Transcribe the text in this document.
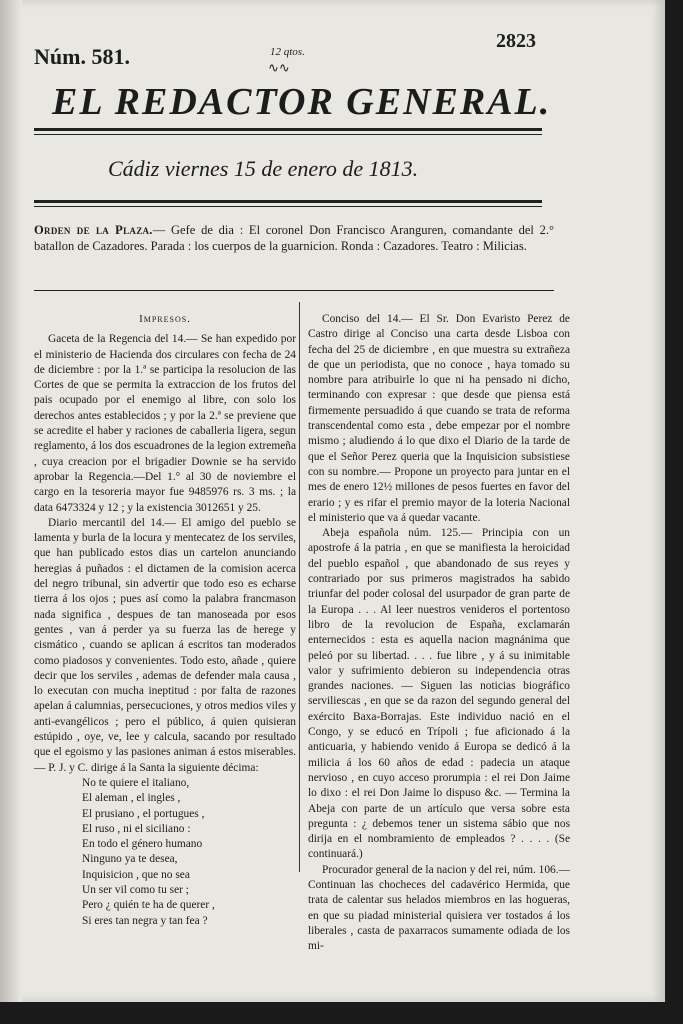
Núm. 581.	12 qtos.
∿∿
2823
EL REDACTOR GENERAL.
Cádiz viernes 15 de enero de 1813.
Orden de la Plaza.— Gefe de dia : El coronel Don Francisco Aranguren, comandante del 2.° batallon de Cazadores. Parada : los cuerpos de la guarnicion. Ronda : Cazadores. Teatro : Milicias.

Impresos.

Gaceta de la Regencia del 14.— Se han expedido por el ministerio de Hacienda dos circulares con fecha de 24 de diciembre : por la 1.ª se participa la resolucion de las Cortes de que se permita la extraccion de los frutos del pais ocupado por el enemigo al libre, con solo los derechos antes establecidos ; y por la 2.ª se previene que se acredite el haber y raciones de caballeria ligera, segun reglamento, á los dos escuadrones de la legion extremeña , cuya creacion por el brigadier Downie se ha servido aprobar la Regencia.—Del 1.° al 30 de noviembre el cargo en la tesoreria mayor fue 9485976 rs. 3 ms. ; la data 6473324 y 12 ; y la existencia 3012651 y 25.

Diario mercantil del 14.— El amigo del pueblo se lamenta y burla de la locura y mentecatez de los serviles, que han publicado estos dias un cartelon anunciando heregias á puñados : el dictamen de la comision acerca del negro tribunal, sin advertir que todo eso es echarse tierra á los ojos ; pues así como la palabra francmason nada significa , despues de tan manoseada por esos gentes , van á perder ya su fuerza las de herege y cismático , cuando se aplican á escritos tan moderados como piadosos y convenientes. Todo esto, añade , quiere decir que los serviles , ademas de defender mala causa , lo executan con mucha ineptitud : por falta de razones apelan á calumnias, persecuciones, y otros medios viles y anti-evangélicos ; pero el público, á quien quisieran estúpido , oye, ve, lee y calcula, sacando por resultado que el egoismo y las pasiones animan á estos miserables.— P. J. y C. dirige á la Santa la siguiente décima:

No te quiere el italiano,
El aleman , el ingles ,
El prusiano , el portugues ,
El ruso , ni el siciliano :
En todo el género humano
Ninguno ya te desea,
Inquisicion , que no sea
Un ser vil como tu ser ;
Pero ¿ quién te ha de querer ,
Si eres tan negra y tan fea ?

Conciso del 14.— El Sr. Don Evaristo Perez de Castro dirige al Conciso una carta desde Lisboa con fecha del 25 de diciembre , en que muestra su extrañeza de que un periodista, que no conoce , haya tomado su nombre para atribuirle lo que ni ha pensado ni dicho, terminando con expresar : que desde que piensa está firmemente persuadido á que cuando se trata de reforma transcendental como esta , debe empezar por el nombre mismo ; aludiendo á lo que dixo el Diario de la tarde de que el Señor Perez queria que la Inquisicion subsistiese con su nombre.— Propone un proyecto para juntar en el mes de enero 12½ millones de pesos fuertes en favor del erario ; y es rifar el premio mayor de la loteria Nacional el ministerio que va á quedar vacante.

Abeja española núm. 125.— Principia con un apostrofe á la patria , en que se manifiesta la heroicidad del pueblo español , que abandonado de sus reyes y contrariado por sus primeros magistrados ha sabido triunfar del poder colosal del usurpador de gran parte de la Europa . . . Al leer nuestros venideros el portentoso libro de la revolucion de España, exclamarán enternecidos : esta es aquella nacion magnánima que peleó por su libertad. . . . fue libre , y á su inimitable valor y sufrimiento debieron su independencia otras grandes naciones. — Siguen las noticias biográfico serviliescas , en que se da razon del segundo general del exército Baxa-Borrajas. Este individuo nació en el Congo, y se educó en Trípoli ; fue aficionado á la anticuaria, y habiendo venido á Europa se dedicó á la milicia á los 60 años de edad : padecia un ataque nervioso , en cuyo acceso prorumpia : el rei Don Jaime lo dixo : el rei Don Jaime lo dispuso &c. — Termina la Abeja con parte de un artículo que versa sobre esta pregunta : ¿ debemos tener un sistema sábio que nos dirija en el nombramiento de empleados ? . . . . (Se continuará.)

Procurador general de la nacion y del rei, núm. 106.— Continuan las chocheces del cadavérico Hermida, que trata de calentar sus helados miembros en las hogueras, en que su piadad ministerial quisiera ver tostados á los liberales , casta de paxarracos sumamente odiada de los mi-
